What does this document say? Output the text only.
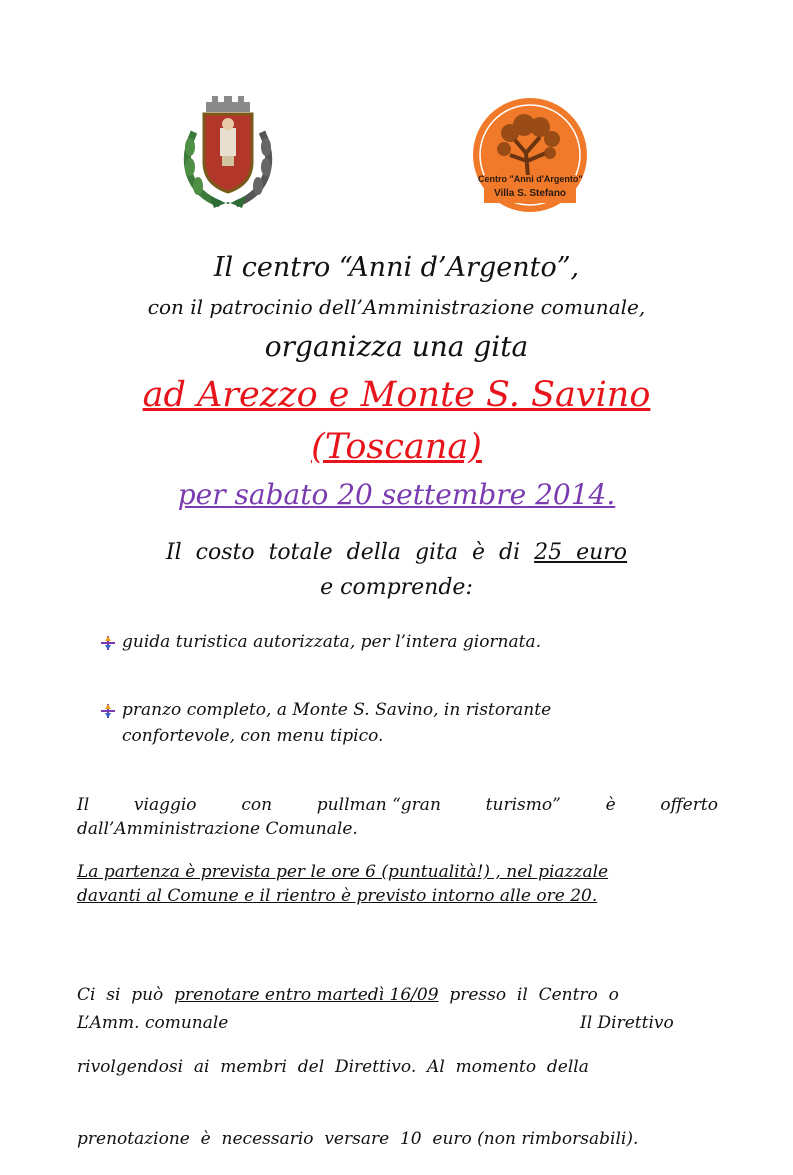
Centro "Anni d'Argento"
Villa S. Stefano
Il centro “Anni d’Argento”,
con il patrocinio dell’Amministrazione comunale,
organizza una gita
ad Arezzo e Monte S. Savino
(Toscana)
per sabato 20 settembre 2014.
Il  costo  totale  della  gita  è  di  25  euro
e comprende:
guida turistica autorizzata, per l’intera giornata.
pranzo completo, a Monte S. Savino, in ristorante
confortevole, con menu tipico.
Il	viaggio	con	pullman “gran	turismo”	è	offerto
dall’Amministrazione Comunale.
La partenza è prevista per le ore 6 (puntualità!) , nel piazzale
davanti al Comune e il rientro è previsto intorno alle ore 20.

Ci  si  può  prenotare entro martedì 16/09  presso  il  Centro  o

rivolgendosi  ai  membri  del  Direttivo.  Al  momento  della

prenotazione  è  necessario  versare  10  euro (non rimborsabili).

L’Amm. comunale	Il Direttivo
